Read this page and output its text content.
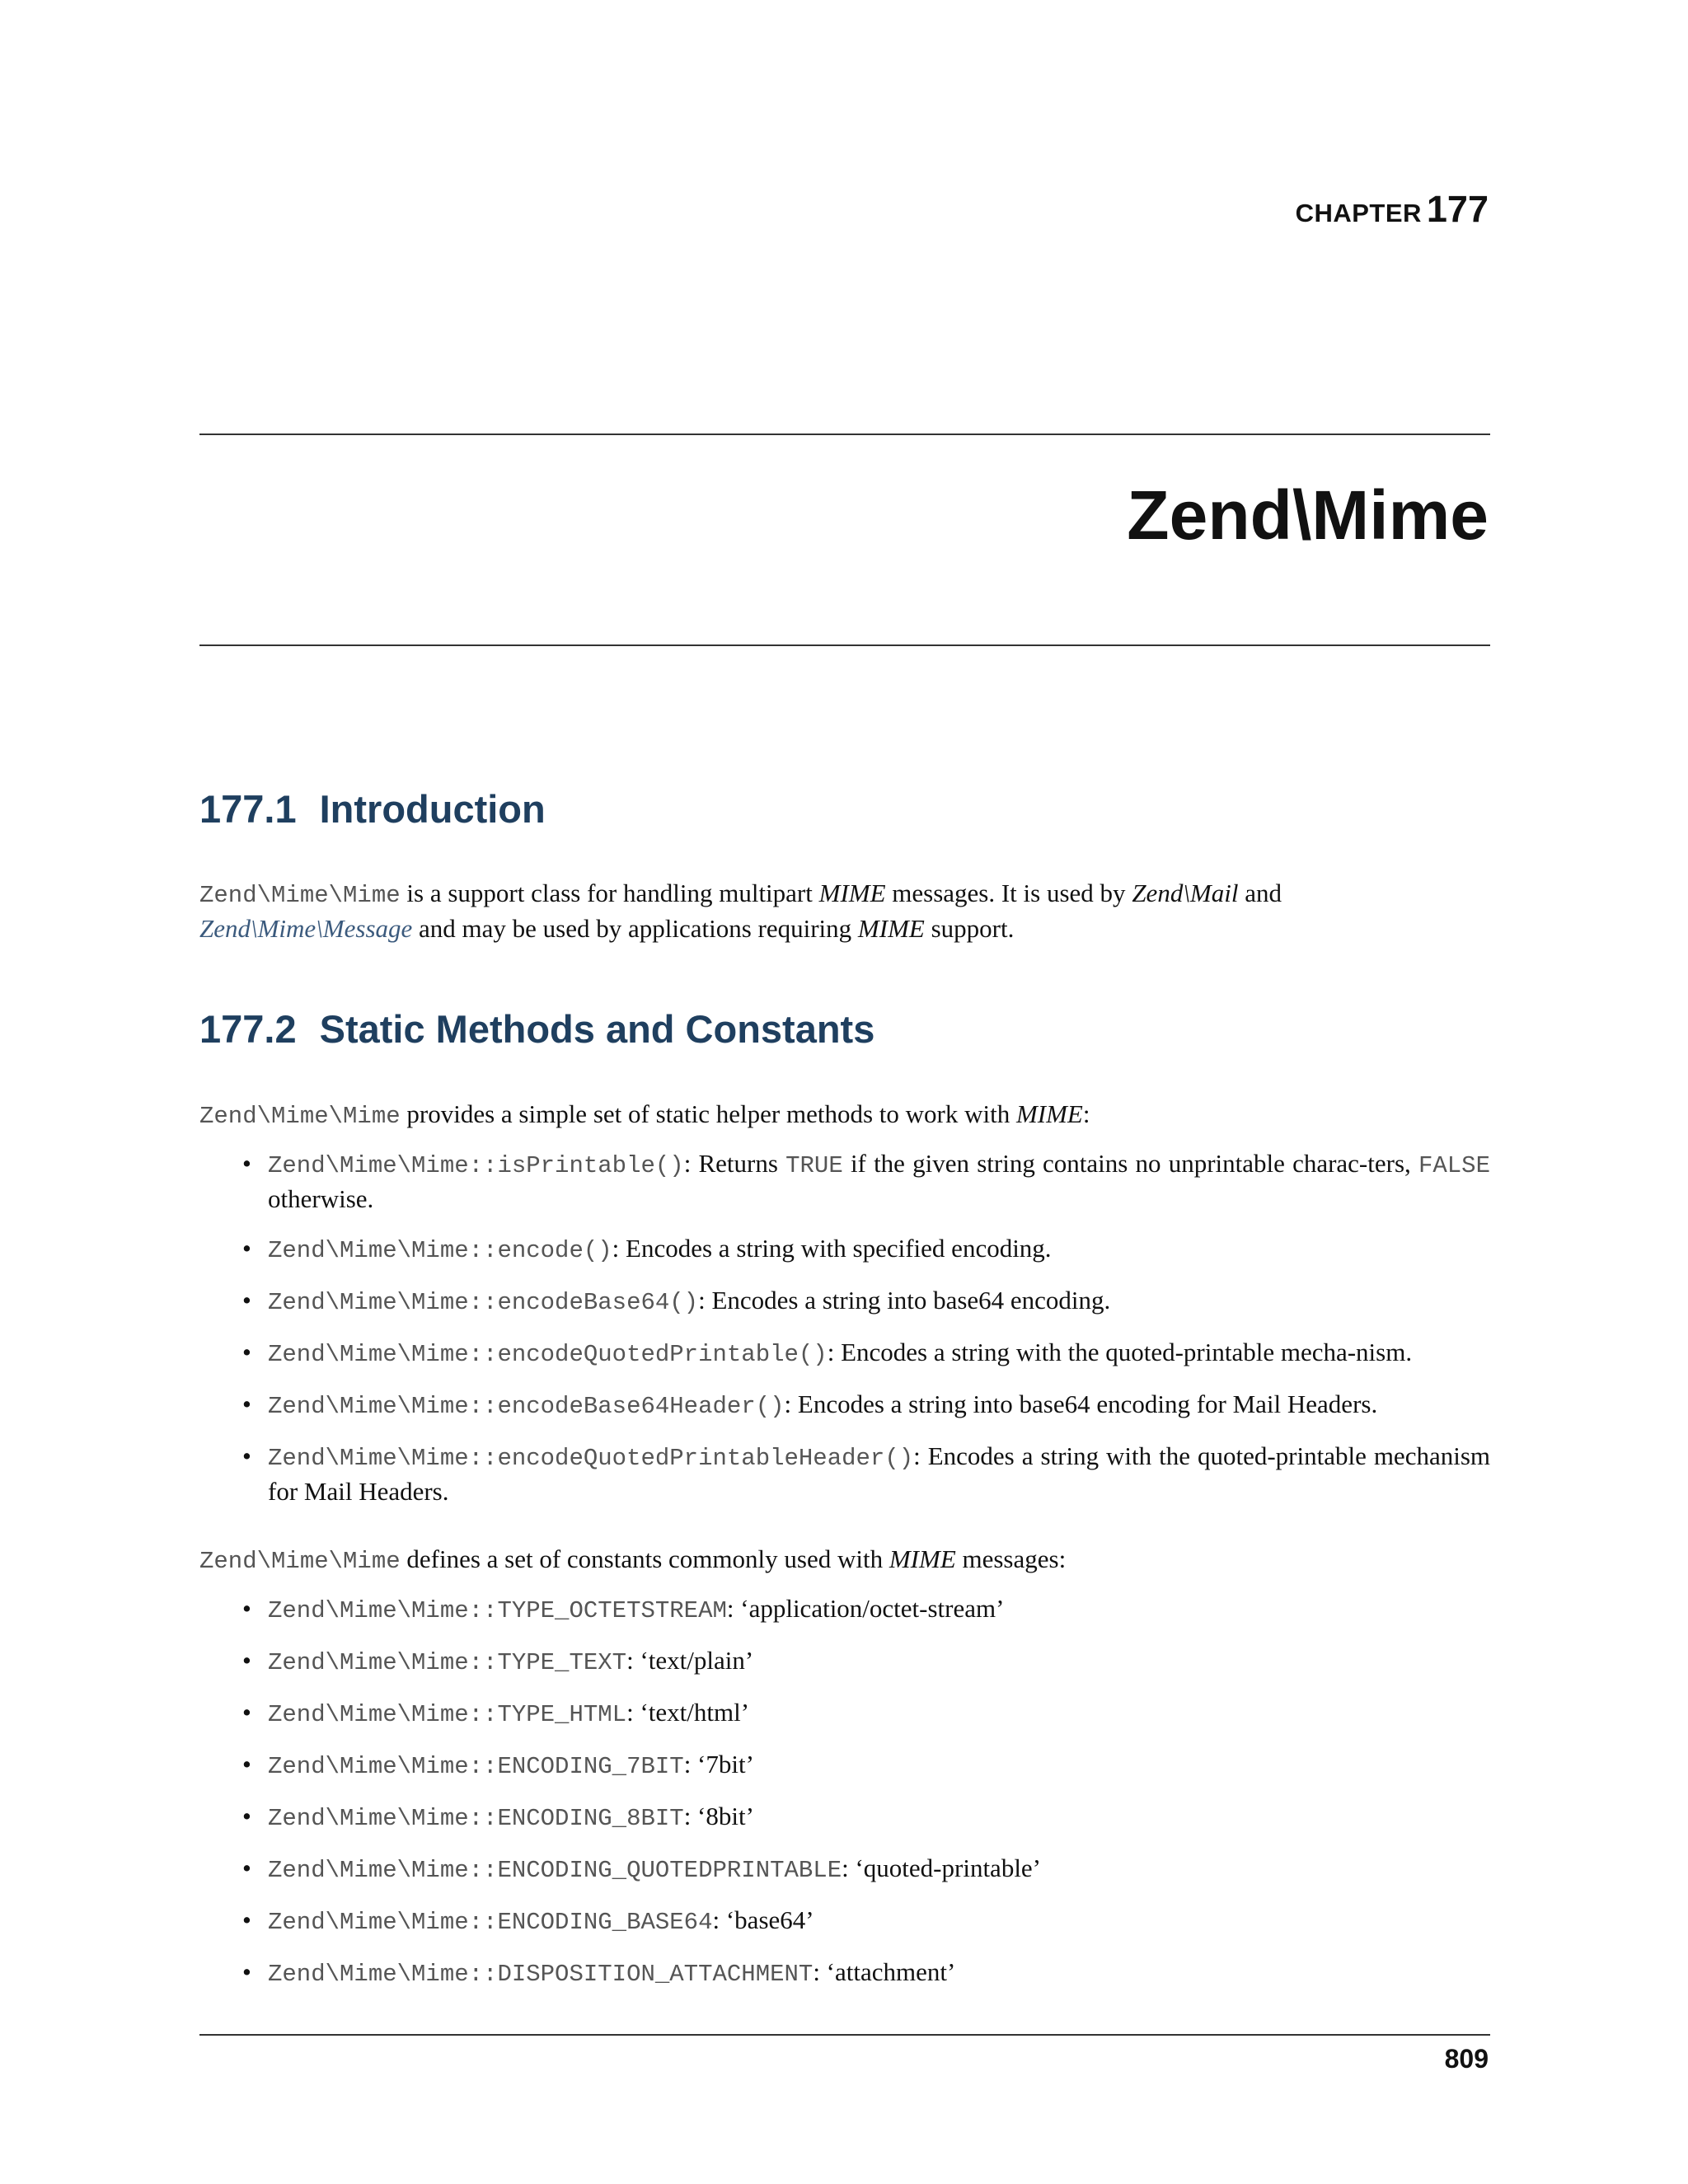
CHAPTER 177
Zend\Mime
177.1 Introduction
Zend\Mime\Mime is a support class for handling multipart MIME messages. It is used by Zend\Mail and
Zend\Mime\Message and may be used by applications requiring MIME support.
177.2 Static Methods and Constants
Zend\Mime\Mime provides a simple set of static helper methods to work with MIME:
• Zend\Mime\Mime::isPrintable(): Returns TRUE if the given string contains no unprintable charac-ters, FALSE otherwise.
• Zend\Mime\Mime::encode(): Encodes a string with specified encoding.
• Zend\Mime\Mime::encodeBase64(): Encodes a string into base64 encoding.
• Zend\Mime\Mime::encodeQuotedPrintable(): Encodes a string with the quoted-printable mecha-nism.
• Zend\Mime\Mime::encodeBase64Header(): Encodes a string into base64 encoding for Mail Headers.
• Zend\Mime\Mime::encodeQuotedPrintableHeader(): Encodes a string with the quoted-printable mechanism for Mail Headers.
Zend\Mime\Mime defines a set of constants commonly used with MIME messages:
• Zend\Mime\Mime::TYPE_OCTETSTREAM: ‘application/octet-stream’
• Zend\Mime\Mime::TYPE_TEXT: ‘text/plain’
• Zend\Mime\Mime::TYPE_HTML: ‘text/html’
• Zend\Mime\Mime::ENCODING_7BIT: ‘7bit’
• Zend\Mime\Mime::ENCODING_8BIT: ‘8bit’
• Zend\Mime\Mime::ENCODING_QUOTEDPRINTABLE: ‘quoted-printable’
• Zend\Mime\Mime::ENCODING_BASE64: ‘base64’
• Zend\Mime\Mime::DISPOSITION_ATTACHMENT: ‘attachment’
809
